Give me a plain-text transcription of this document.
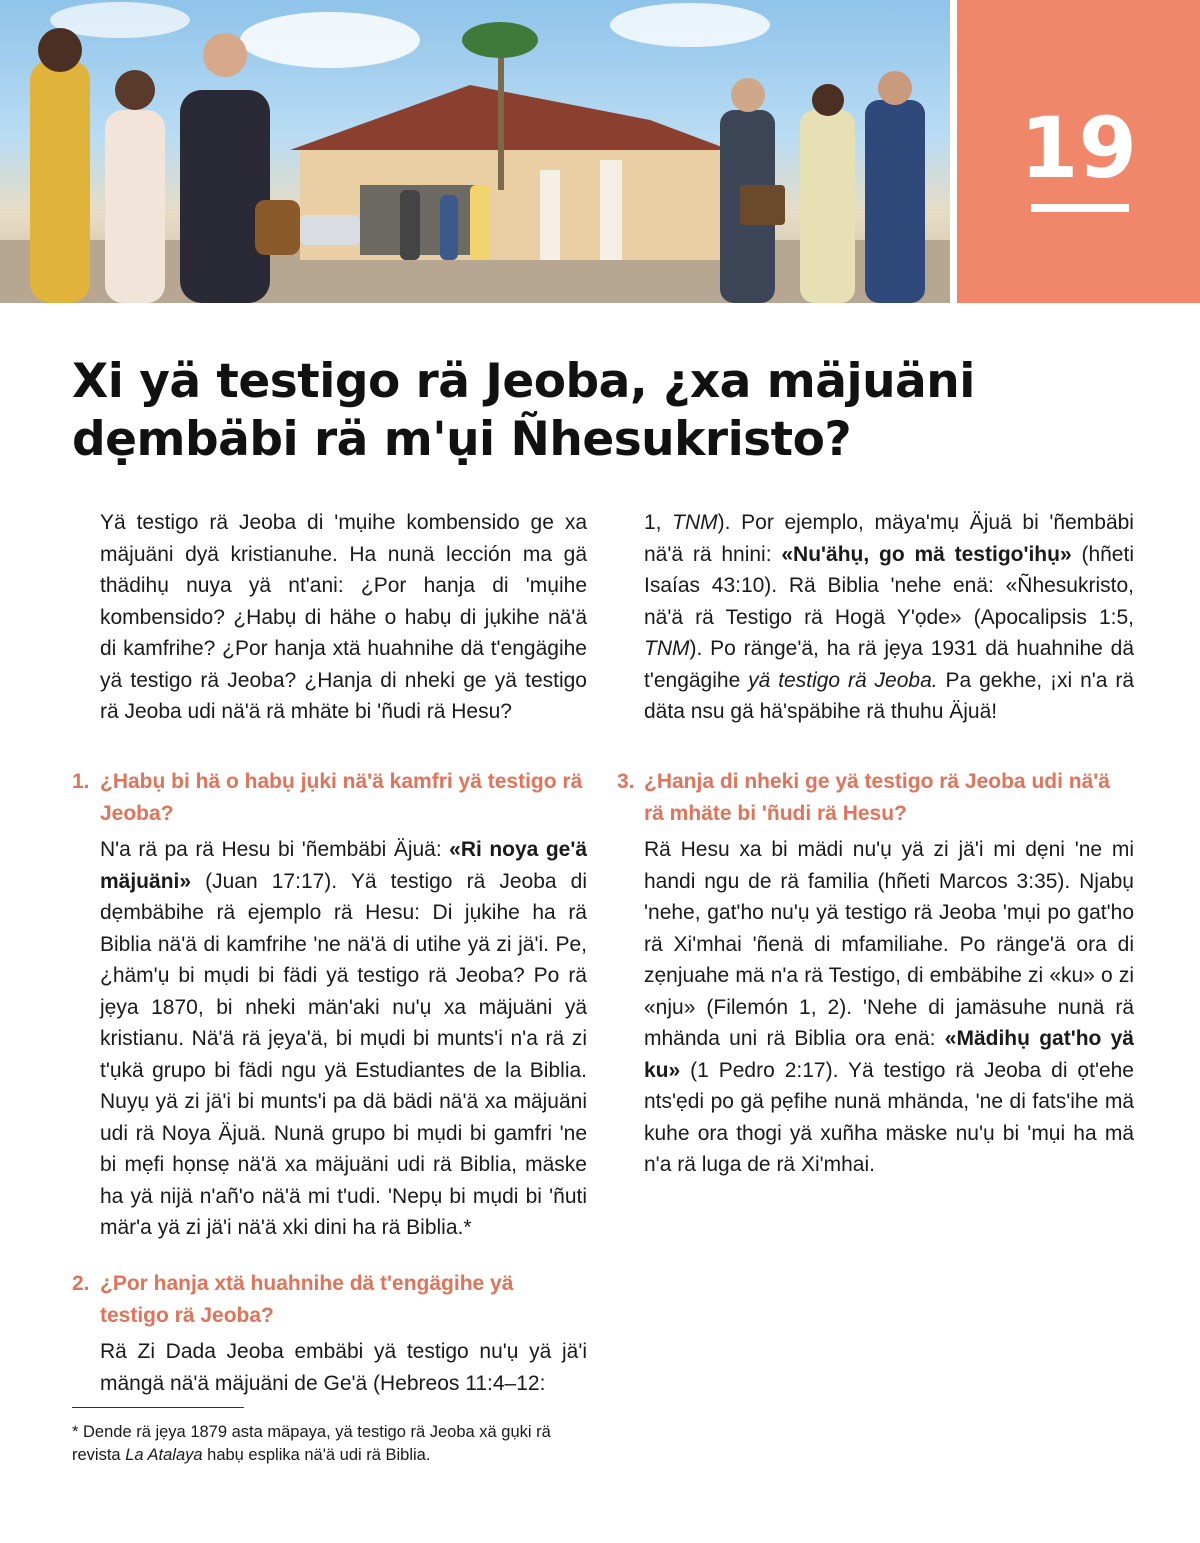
19
Xi yä testigo rä Jeoba, ¿xa mäjuäni dẹmbäbi rä m'ụi Ñhesukristo?

Yä testigo rä Jeoba di 'mụihe kombensido ge xa mäjuäni dyä kristianuhe. Ha nunä lección ma gä thädihụ nuya yä nt'ani: ¿Por hanja di 'mụihe kombensido? ¿Habụ di hähe o habụ di jụkihe nä'ä di kamfrihe? ¿Por hanja xtä huahnihe dä t'engägihe yä testigo rä Jeoba? ¿Hanja di nheki ge yä testigo rä Jeoba udi nä'ä rä mhäte bi 'ñudi rä Hesu?

1. ¿Habụ bi hä o habụ jụki nä'ä kamfri yä testigo rä Jeoba?

N'a rä pa rä Hesu bi 'ñembäbi Äjuä: «Ri noya ge'ä mäjuäni» (Juan 17:17). Yä testigo rä Jeoba di dẹmbäbihe rä ejemplo rä Hesu: Di jụkihe ha rä Biblia nä'ä di kamfrihe 'ne nä'ä di utihe yä zi jä'i. Pe, ¿häm'ụ bi mụdi bi fädi yä testigo rä Jeoba? Po rä jẹya 1870, bi nheki män'aki nu'ụ xa mäjuäni yä kristianu. Nä'ä rä jẹya'ä, bi mụdi bi munts'i n'a rä zi t'ụkä grupo bi fädi ngu yä Estudiantes de la Biblia. Nuyụ yä zi jä'i bi munts'i pa dä bädi nä'ä xa mäjuäni udi rä Noya Äjuä. Nunä grupo bi mụdi bi gamfri 'ne bi mẹfi họnsẹ nä'ä xa mäjuäni udi rä Biblia, mäske ha yä nijä n'añ'o nä'ä mi t'udi. 'Nepụ bi mụdi bi 'ñuti mär'a yä zi jä'i nä'ä xki dini ha rä Biblia.*

2. ¿Por hanja xtä huahnihe dä t'engägihe yä testigo rä Jeoba?

Rä Zi Dada Jeoba embäbi yä testigo nu'ụ yä jä'i mängä nä'ä mäjuäni de Ge'ä (Hebreos 11:4–12:

1, TNM). Por ejemplo, mäya'mụ Äjuä bi 'ñembäbi nä'ä rä hnini: «Nu'ähụ, go mä testigo'ihụ» (hñeti Isaías 43:10). Rä Biblia 'nehe enä: «Ñhesukristo, nä'ä rä Testigo rä Hogä Y'ọde» (Apocalipsis 1:5, TNM). Po ränge'ä, ha rä jẹya 1931 dä huahnihe dä t'engägihe yä testigo rä Jeoba. Pa gekhe, ¡xi n'a rä däta nsu gä hä'späbihe rä thuhu Äjuä!

3. ¿Hanja di nheki ge yä testigo rä Jeoba udi nä'ä rä mhäte bi 'ñudi rä Hesu?

Rä Hesu xa bi mädi nu'ụ yä zi jä'i mi dẹni 'ne mi handi ngu de rä familia (hñeti Marcos 3:35). Njabụ 'nehe, gat'ho nu'ụ yä testigo rä Jeoba 'mụi po gat'ho rä Xi'mhai 'ñenä di mfamiliahe. Po ränge'ä ora di zẹnjuahe mä n'a rä Testigo, di embäbihe zi «ku» o zi «nju» (Filemón 1, 2). 'Nehe di jamäsuhe nunä rä mhända uni rä Biblia ora enä: «Mädihụ gat'ho yä ku» (1 Pedro 2:17). Yä testigo rä Jeoba di ọt'ehe nts'ẹdi po gä pẹfihe nunä mhända, 'ne di fats'ihe mä kuhe ora thogi yä xuñha mäske nu'ụ bi 'mụi ha mä n'a rä luga de rä Xi'mhai.

* Dende rä jẹya 1879 asta mäpaya, yä testigo rä Jeoba xä gụki rä revista La Atalaya habụ esplika nä'ä udi rä Biblia.
